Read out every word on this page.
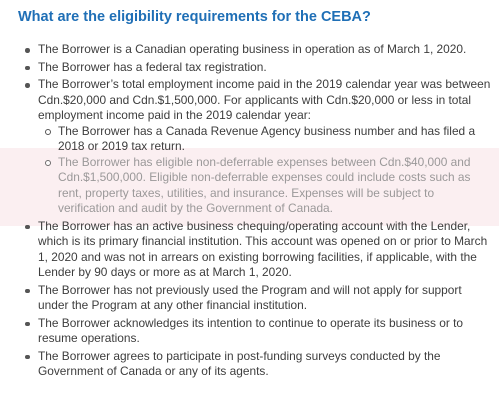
What are the eligibility requirements for the CEBA?
The Borrower is a Canadian operating business in operation as of March 1, 2020.
The Borrower has a federal tax registration.
The Borrower’s total employment income paid in the 2019 calendar year was between Cdn.$20,000 and Cdn.$1,500,000. For applicants with Cdn.$20,000 or less in total employment income paid in the 2019 calendar year:
The Borrower has a Canada Revenue Agency business number and has filed a 2018 or 2019 tax return.
The Borrower has eligible non-deferrable expenses between Cdn.$40,000 and Cdn.$1,500,000. Eligible non-deferrable expenses could include costs such as rent, property taxes, utilities, and insurance. Expenses will be subject to verification and audit by the Government of Canada.
The Borrower has an active business chequing/operating account with the Lender, which is its primary financial institution. This account was opened on or prior to March 1, 2020 and was not in arrears on existing borrowing facilities, if applicable, with the Lender by 90 days or more as at March 1, 2020.
The Borrower has not previously used the Program and will not apply for support under the Program at any other financial institution.
The Borrower acknowledges its intention to continue to operate its business or to resume operations.
The Borrower agrees to participate in post-funding surveys conducted by the Government of Canada or any of its agents.
